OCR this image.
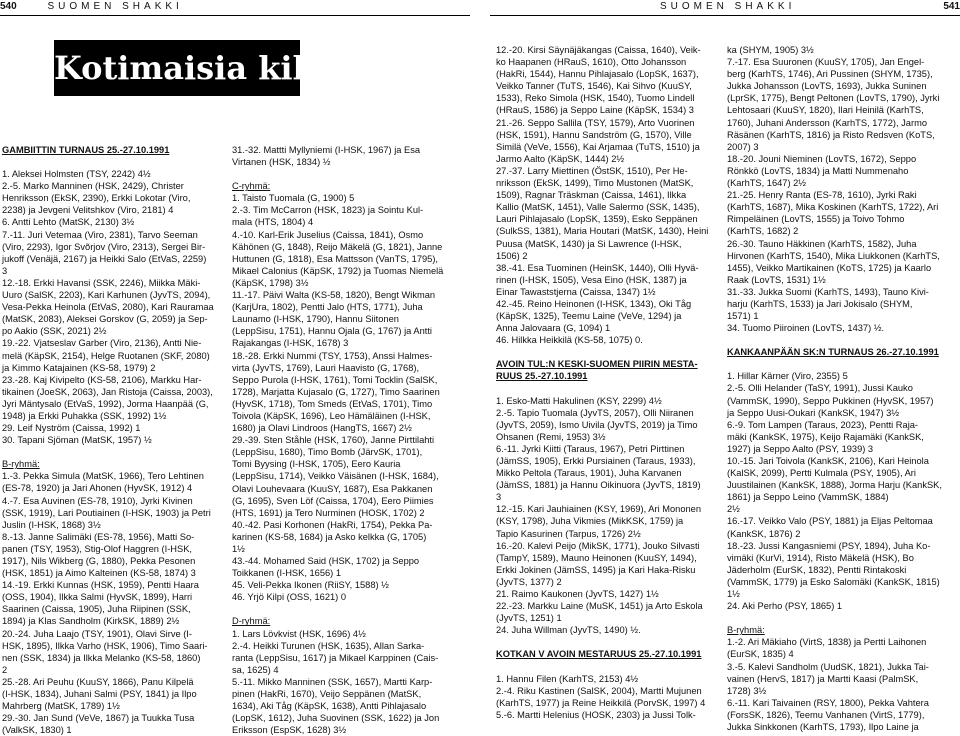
540	SUOMEN SHAKKI	SUOMEN SHAKKI	541
Kotimaisia kilpailuja

GAMBIITTIN TURNAUS 25.-27.10.1991

1. Aleksei Holmsten (TSY, 2242) 4½

2.-5. Marko Manninen (HSK, 2429), Christer

Henriksson (EkSK, 2390), Erkki Lokotar (Viro,

2238) ja Jevgeni Velitshkov (Viro, 2181) 4

6. Antti Lehto (MatSK, 2130) 3½

7.-11. Juri Vetemaa (Viro, 2381), Tarvo Seeman

(Viro, 2293), Igor Svõrjov (Viro, 2313), Sergei Bir-

jukoff (Venäjä, 2167) ja Heikki Salo (EtVaS, 2259)

3

12.-18. Erkki Havansi (SSK, 2246), Miikka Mäki-

Uuro (SalSK, 2203), Kari Karhunen (JyvTS, 2094),

Vesa-Pekka Heinola (EtVaS, 2080), Kari Rauramaa

(MatSK, 2083), Aleksei Gorskov (G, 2059) ja Sep-

po Aakio (SSK, 2021) 2½

19.-22. Vjatseslav Garber (Viro, 2136), Antti Nie-

melä (KäpSK, 2154), Helge Ruotanen (SKF, 2080)

ja Kimmo Katajainen (KS-58, 1979) 2

23.-28. Kaj Kivipelto (KS-58, 2106), Markku Har-

tikainen (JoeSK, 2063), Jan Ristoja (Caissa, 2003),

Jyri Mäntysalo (EtVaS, 1992), Jorma Haanpää (G,

1948) ja Erkki Puhakka (SSK, 1992) 1½

29. Leif Nyström (Caissa, 1992) 1

30. Tapani Sjöman (MatSK, 1957) ½

B-ryhmä:

1.-3. Pekka Simula (MatSK, 1966), Tero Lehtinen

(ES-78, 1920) ja Jari Ahonen (HyvSK, 1912) 4

4.-7. Esa Auvinen (ES-78, 1910), Jyrki Kivinen

(SSK, 1919), Lari Poutiainen (I-HSK, 1903) ja Petri

Juslin (I-HSK, 1868) 3½

8.-13. Janne Salimäki (ES-78, 1956), Matti So-

panen (TSY, 1953), Stig-Olof Haggren (I-HSK,

1917), Nils Wikberg (G, 1880), Pekka Pesonen

(HSK, 1851) ja Aimo Kalteinen (KS-58, 1874) 3

14.-19. Erkki Kunnas (HSK, 1959), Pentti Haara

(OSS, 1904), Ilkka Salmi (HyvSK, 1899), Harri

Saarinen (Caissa, 1905), Juha Riipinen (SSK,

1894) ja Klas Sandholm (KirkSK, 1889) 2½

20.-24. Juha Laajo (TSY, 1901), Olavi Sirve (I-

HSK, 1895), Ilkka Varho (HSK, 1906), Timo Saari-

nen (SSK, 1834) ja Ilkka Melanko (KS-58, 1860)

2

25.-28. Ari Peuhu (KuuSY, 1866), Panu Kilpelä

(I-HSK, 1834), Juhani Salmi (PSY, 1841) ja Ilpo

Mahrberg (MatSK, 1789) 1½

29.-30. Jan Sund (VeVe, 1867) ja Tuukka Tusa

(ValkSK, 1830) 1

31.-32. Mattti Myllyniemi (I-HSK, 1967) ja Esa

Virtanen (HSK, 1834) ½

C-ryhmä:

1. Taisto Tuomala (G, 1900) 5

2.-3. Tim McCarron (HSK, 1823) ja Sointu Kul-

mala (HTS, 1804) 4

4.-10. Karl-Erik Juselius (Caissa, 1841), Osmo

Kähönen (G, 1848), Reijo Mäkelä (G, 1821), Janne

Huttunen (G, 1818), Esa Mattsson (VanTS, 1795),

Mikael Calonius (KäpSK, 1792) ja Tuomas Niemelä

(KäpSK, 1798) 3½

11.-17. Päivi Walta (KS-58, 1820), Bengt Wikman

(KarjUra, 1802), Pentti Jalo (HTS, 1771), Juha

Launamo (I-HSK, 1790), Hannu Siitonen

(LeppSisu, 1751), Hannu Ojala (G, 1767) ja Antti

Rajakangas (I-HSK, 1678) 3

18.-28. Erkki Nummi (TSY, 1753), Anssi Halmes-

virta (JyvTS, 1769), Lauri Haavisto (G, 1768),

Seppo Purola (I-HSK, 1761), Tomi Tocklin (SalSK,

1728), Marjatta Kujasalo (G, 1727), Timo Saarinen

(HyvSK, 1718), Tom Smeds (EtVaS, 1701), Timo

Toivola (KäpSK, 1696), Leo Hämäläinen (I-HSK,

1680) ja Olavi Lindroos (HangTS, 1667) 2½

29.-39. Sten Ståhle (HSK, 1760), Janne Pirttilahti

(LeppSisu, 1680), Timo Bomb (JärvSK, 1701),

Tomi Byysing (I-HSK, 1705), Eero Kauria

(LeppSisu, 1714), Veikko Väisänen (I-HSK, 1684),

Olavi Louhevaara (KuuSY, 1687), Esa Pakkanen

(G, 1695), Sven Löf (Caissa, 1704), Eero Piimies

(HTS, 1691) ja Tero Nurminen (HOSK, 1702) 2

40.-42. Pasi Korhonen (HakRi, 1754), Pekka Pa-

karinen (KS-58, 1684) ja Asko kelkka (G, 1705)

1½

43.-44. Mohamed Said (HSK, 1702) ja Seppo

Toikkanen (I-HSK, 1656) 1

45. Veli-Pekka Ikonen (RiiSY, 1588) ½

46. Yrjö Kilpi (OSS, 1621) 0

D-ryhmä:

1. Lars Lövkvist (HSK, 1696) 4½

2.-4. Heikki Turunen (HSK, 1635), Allan Sarka-

ranta (LeppSisu, 1617) ja Mikael Karppinen (Cais-

sa, 1625) 4

5.-11. Mikko Manninen (SSK, 1657), Martti Karp-

pinen (HakRi, 1670), Veijo Seppänen (MatSK,

1634), Aki Tåg (KäpSK, 1638), Antti Pihlajasalo

(LopSK, 1612), Juha Suovinen (SSK, 1622) ja Jon

Eriksson (EspSK, 1628) 3½

12.-20. Kirsi Säynäjäkangas (Caissa, 1640), Veik-

ko Haapanen (HRauS, 1610), Otto Johansson

(HakRi, 1544), Hannu Pihlajasalo (LopSK, 1637),

Veikko Tanner (TuTS, 1546), Kai Sihvo (KuuSY,

1533), Reko Simola (HSK, 1540), Tuomo Lindell

(HRauS, 1586) ja Seppo Laine (KäpSK, 1534) 3

21.-26. Seppo Sallila (TSY, 1579), Arto Vuorinen

(HSK, 1591), Hannu Sandström (G, 1570), Ville

Similä (VeVe, 1556), Kai Arjamaa (TuTS, 1510) ja

Jarmo Aalto (KäpSK, 1444) 2½

27.-37. Larry Miettinen (ÖstSK, 1510), Per He-

nriksson (EkSK, 1499), Timo Mustonen (MatSK,

1509), Ragnar Träskman (Caissa, 1461), Ilkka

Kallio (MatSK, 1451), Valle Salermo (SSK, 1435),

Lauri Pihlajasalo (LopSK, 1359), Esko Seppänen

(SulkSS, 1381), Maria Houtari (MatSK, 1430), Heini

Puusa (MatSK, 1430) ja Si Lawrence (I-HSK,

1506) 2

38.-41. Esa Tuominen (HeinSK, 1440), Olli Hyvä-

rinen (I-HSK, 1505), Vesa Eino (HSK, 1387) ja

Einar Tawaststjerna (Caissa, 1347) 1½

42.-45. Reino Heinonen (I-HSK, 1343), Oki Tåg

(KäpSK, 1325), Teemu Laine (VeVe, 1294) ja

Anna Jalovaara (G, 1094) 1

46. Hilkka Heikkilä (KS-58, 1075) 0.

AVOIN TUL:N KESKI-SUOMEN PIIRIN MESTA-

RUUS 25.-27.10.1991

1. Esko-Matti Hakulinen (KSY, 2299) 4½

2.-5. Tapio Tuomala (JyvTS, 2057), Olli Niiranen

(JyvTS, 2059), Ismo Uivila (JyvTS, 2019) ja Timo

Ohsanen (Remi, 1953) 3½

6.-11. Jyrki Kiitti (Taraus, 1967), Petri Pirttinen

(JämSS, 1905), Erkki Pursiainen (Taraus, 1933),

Mikko Peltola (Taraus, 1901), Juha Karvanen

(JämSS, 1881) ja Hannu Oikinuora (JyvTS, 1819)

3

12.-15. Kari Jauhiainen (KSY, 1969), Ari Mononen

(KSY, 1798), Juha Vikmies (MikKSK, 1759) ja

Tapio Kasurinen (Tarpus, 1726) 2½

16.-20. Kalevi Peijo (MikSK, 1771), Jouko Silvasti

(TampY, 1589), Mauno Heinonen (KuuSY, 1494),

Erkki Jokinen (JämSS, 1495) ja Kari Haka-Risku

(JyvTS, 1377) 2

21. Raimo Kaukonen (JyvTS, 1427) 1½

22.-23. Markku Laine (MuSK, 1451) ja Arto Eskola

(JyvTS, 1251) 1

24. Juha Willman (JyvTS, 1490) ½.

KOTKAN V AVOIN MESTARUUS 25.-27.10.1991

1. Hannu Filen (KarhTS, 2153) 4½

2.-4. Riku Kastinen (SalSK, 2004), Martti Mujunen

(KarhTS, 1977) ja Reine Heikkilä (PorvSK, 1997) 4

5.-6. Martti Helenius (HOSK, 2303) ja Jussi Tolk-

ka (SHYM, 1905) 3½

7.-17. Esa Suuronen (KuuSY, 1705), Jan Engel-

berg (KarhTS, 1746), Ari Pussinen (SHYM, 1735),

Jukka Johansson (LovTS, 1693), Jukka Suninen

(LprSK, 1775), Bengt Peltonen (LovTS, 1790), Jyrki

Lehtosaari (KuuSY, 1820), Ilari Heinilä (KarhTS,

1760), Juhani Andersson (KarhTS, 1772), Jarmo

Räsänen (KarhTS, 1816) ja Risto Redsven (KoTS,

2007) 3

18.-20. Jouni Nieminen (LovTS, 1672), Seppo

Rönkkö (LovTS, 1834) ja Matti Nummenaho

(KarhTS, 1647) 2½

21.-25. Henry Ranta (ES-78, 1610), Jyrki Raki

(KarhTS, 1687), Mika Koskinen (KarhTS, 1722), Ari

Rimpeläinen (LovTS, 1555) ja Toivo Tohmo

(KarhTS, 1682) 2

26.-30. Tauno Häkkinen (KarhTS, 1582), Juha

Hirvonen (KarhTS, 1540), Mika Liukkonen (KarhTS,

1455), Veikko Martikainen (KoTS, 1725) ja Kaarlo

Raak (LovTS, 1531) 1½

31.-33. Jukka Suomi (KarhTS, 1493), Tauno Kivi-

harju (KarhTS, 1533) ja Jari Jokisalo (SHYM,

1571) 1

34. Tuomo Piiroinen (LovTS, 1437) ½.

KANKAANPÄÄN SK:N TURNAUS 26.-27.10.1991

1. Hillar Kärner (Viro, 2355) 5

2.-5. Olli Helander (TaSY, 1991), Jussi Kauko

(VammSK, 1990), Seppo Pukkinen (HyvSK, 1957)

ja Seppo Uusi-Oukari (KankSK, 1947) 3½

6.-9. Tom Lampen (Taraus, 2023), Pentti Raja-

mäki (KankSK, 1975), Keijo Rajamäki (KankSK,

1927) ja Seppo Aalto (PSY, 1939) 3

10.-15. Jari Toivola (KankSK, 2106), Kari Heinola

(KalSK, 2099), Pertti Kulmala (PSY, 1905), Ari

Juustilainen (KankSK, 1888), Jorma Harju (KankSK,

1861) ja Seppo Leino (VammSK, 1884)

2½

16.-17. Veikko Valo (PSY, 1881) ja Eljas Peltomaa

(KankSK, 1876) 2

18.-23. Jussi Kangasniemi (PSY, 1894), Juha Ko-

vimäki (KurVi, 1914), Risto Mäkelä (HSK), Bo

Jäderholm (EurSK, 1832), Pentti Rintakoski

(VammSK, 1779) ja Esko Salomäki (KankSK, 1815)

1½

24. Aki Perho (PSY, 1865) 1

B-ryhmä:

1.-2. Ari Mäkiaho (VirtS, 1838) ja Pertti Laihonen

(EurSK, 1835) 4

3.-5. Kalevi Sandholm (UudSK, 1821), Jukka Tai-

vainen (HervS, 1817) ja Martti Kaasi (PalmSK,

1728) 3½

6.-11. Kari Taivainen (RSY, 1800), Pekka Vahtera

(ForsSK, 1826), Teemu Vanhanen (VirtS, 1779),

Jukka Sinkkonen (KarhTS, 1793), Ilpo Laine ja
